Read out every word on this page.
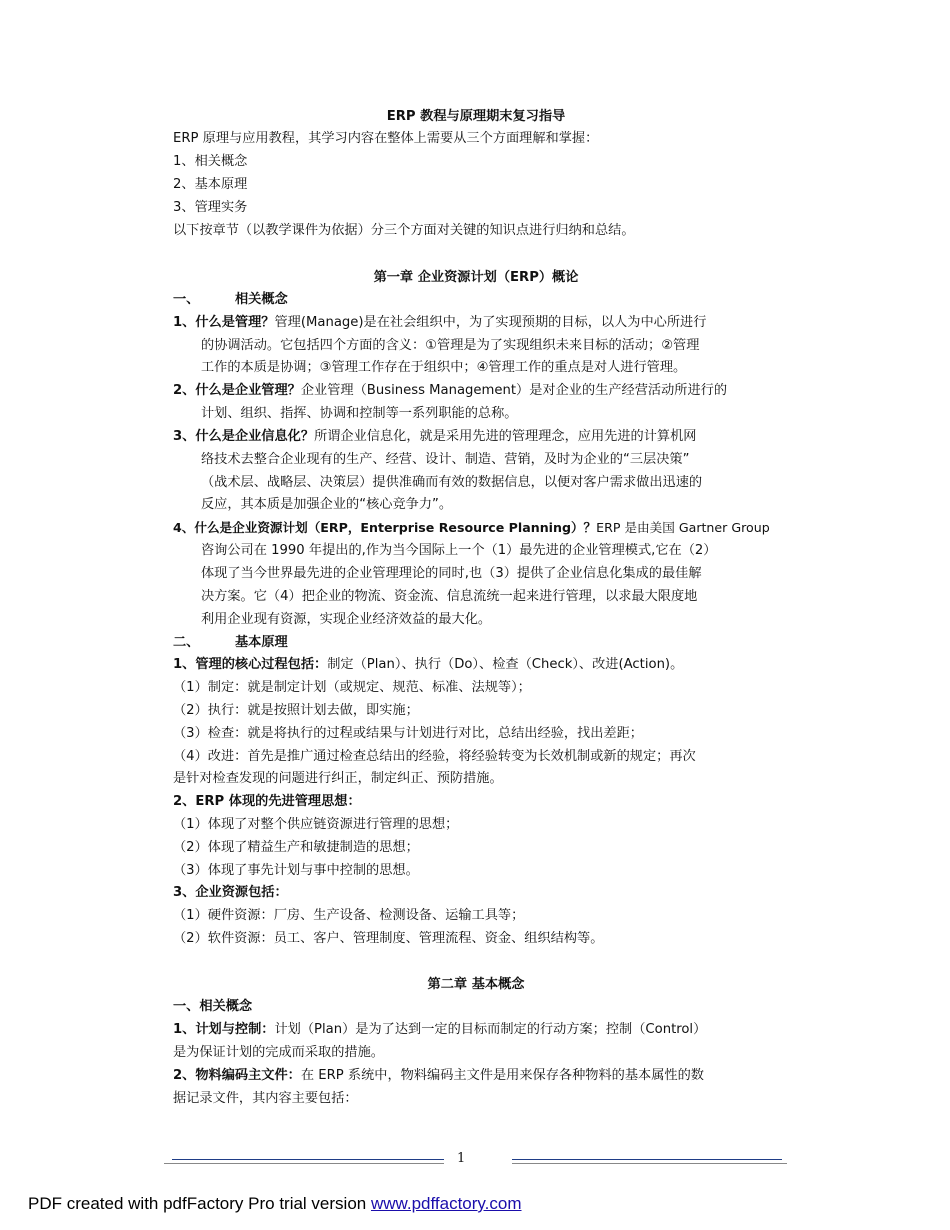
ERP 教程与原理期末复习指导
ERP 原理与应用教程，其学习内容在整体上需要从三个方面理解和掌握：
1、相关概念
2、基本原理
3、管理实务
以下按章节（以教学课件为依据）分三个方面对关键的知识点进行归纳和总结。
第一章 企业资源计划（ERP）概论
一、	相关概念
1、什么是管理？管理(Manage)是在社会组织中，为了实现预期的目标，以人为中心所进行
的协调活动。它包括四个方面的含义：①管理是为了实现组织未来目标的活动；②管理
工作的本质是协调；③管理工作存在于组织中；④管理工作的重点是对人进行管理。
2、什么是企业管理？企业管理（Business Management）是对企业的生产经营活动所进行的
计划、组织、指挥、协调和控制等一系列职能的总称。
3、什么是企业信息化？所谓企业信息化，就是采用先进的管理理念，应用先进的计算机网
络技术去整合企业现有的生产、经营、设计、制造、营销，及时为企业的“三层决策”
（战术层、战略层、决策层）提供准确而有效的数据信息，以便对客户需求做出迅速的
反应，其本质是加强企业的“核心竞争力”。
4、什么是企业资源计划（ERP，Enterprise Resource Planning）？ERP 是由美国 Gartner Group
咨询公司在 1990 年提出的,作为当今国际上一个（1）最先进的企业管理模式,它在（2）
体现了当今世界最先进的企业管理理论的同时,也（3）提供了企业信息化集成的最佳解
决方案。它（4）把企业的物流、资金流、信息流统一起来进行管理，以求最大限度地
利用企业现有资源，实现企业经济效益的最大化。
二、	基本原理
1、管理的核心过程包括：制定（Plan）、执行（Do）、检查（Check）、改进(Action)。
（1）制定：就是制定计划（或规定、规范、标准、法规等）；
（2）执行：就是按照计划去做，即实施；
（3）检查：就是将执行的过程或结果与计划进行对比，总结出经验，找出差距；
（4）改进：首先是推广通过检查总结出的经验，将经验转变为长效机制或新的规定；再次
是针对检查发现的问题进行纠正，制定纠正、预防措施。
2、ERP 体现的先进管理思想：
（1）体现了对整个供应链资源进行管理的思想；
（2）体现了精益生产和敏捷制造的思想；
（3）体现了事先计划与事中控制的思想。
3、企业资源包括：
（1）硬件资源：厂房、生产设备、检测设备、运输工具等；
（2）软件资源：员工、客户、管理制度、管理流程、资金、组织结构等。
第二章 基本概念
一、相关概念
1、计划与控制：计划（Plan）是为了达到一定的目标而制定的行动方案；控制（Control）
是为保证计划的完成而采取的措施。
2、物料编码主文件：在 ERP 系统中，物料编码主文件是用来保存各种物料的基本属性的数
据记录文件，其内容主要包括：
1
PDF created with pdfFactory Pro trial version www.pdffactory.com
